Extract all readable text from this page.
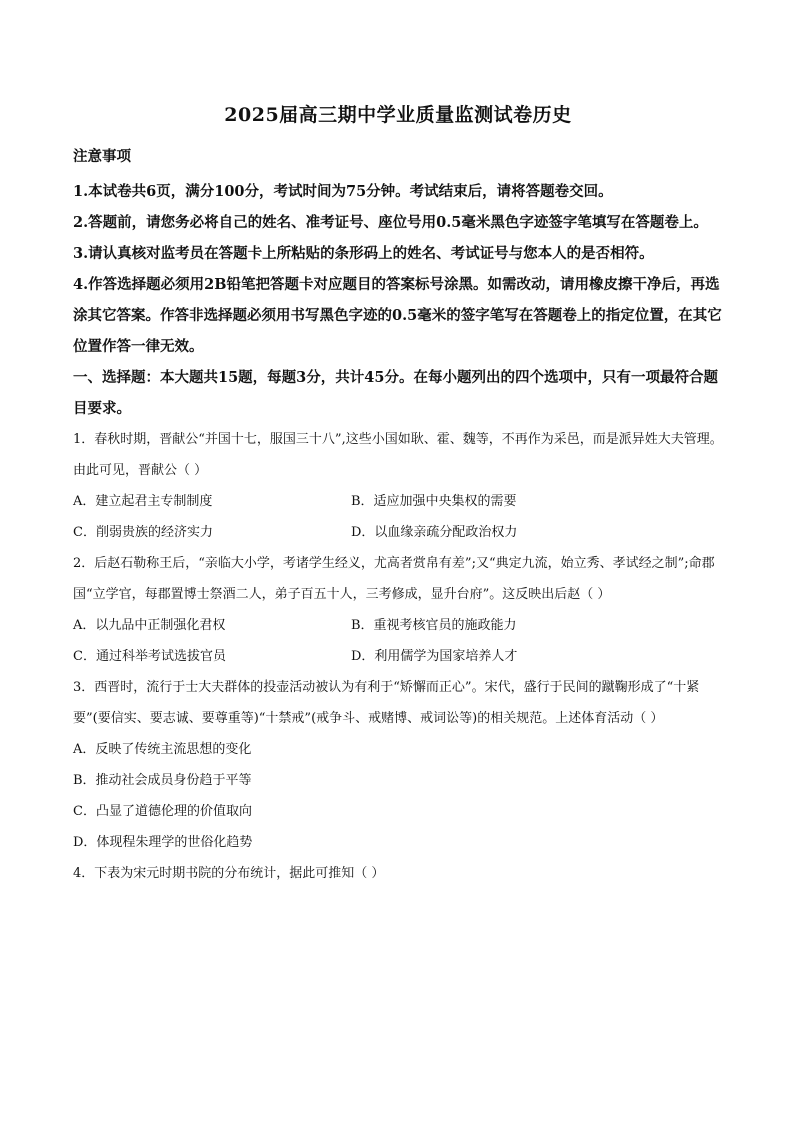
2025届高三期中学业质量监测试卷历史
注意事项

1.本试卷共6页，满分100分，考试时间为75分钟。考试结束后，请将答题卷交回。

2.答题前，请您务必将自己的姓名、准考证号、座位号用0.5毫米黑色字迹签字笔填写在答题卷上。

3.请认真核对监考员在答题卡上所粘贴的条形码上的姓名、考试证号与您本人的是否相符。

4.作答选择题必须用2B铅笔把答题卡对应题目的答案标号涂黑。如需改动，请用橡皮擦干净后，再选涂其它答案。作答非选择题必须用书写黑色字迹的0.5毫米的签字笔写在答题卷上的指定位置，在其它位置作答一律无效。

一、选择题：本大题共15题，每题3分，共计45分。在每小题列出的四个选项中，只有一项最符合题目要求。

1．春秋时期，晋献公“并国十七，服国三十八”,这些小国如耿、霍、魏等，不再作为采邑，而是派异姓大夫管理。由此可见，晋献公（ ）

A．建立起君主专制制度	B．适应加强中央集权的需要
C．削弱贵族的经济实力	D．以血缘亲疏分配政治权力

2．后赵石勒称王后，“亲临大小学，考诸学生经义，尤高者赏帛有差”;又“典定九流，始立秀、孝试经之制”;命郡国“立学官，每郡置博士祭酒二人，弟子百五十人，三考修成，显升台府”。这反映出后赵（ ）

A．以九品中正制强化君权	B．重视考核官员的施政能力
C．通过科举考试选拔官员	D．利用儒学为国家培养人才

3．西晋时，流行于士大夫群体的投壶活动被认为有利于“矫懈而正心”。宋代，盛行于民间的蹴鞠形成了“十紧要”(要信实、要志诚、要尊重等)“十禁戒”(戒争斗、戒赌博、戒词讼等)的相关规范。上述体育活动（ ）

A．反映了传统主流思想的变化
B．推动社会成员身份趋于平等
C．凸显了道德伦理的价值取向
D．体现程朱理学的世俗化趋势

4．下表为宋元时期书院的分布统计，据此可推知（ ）
